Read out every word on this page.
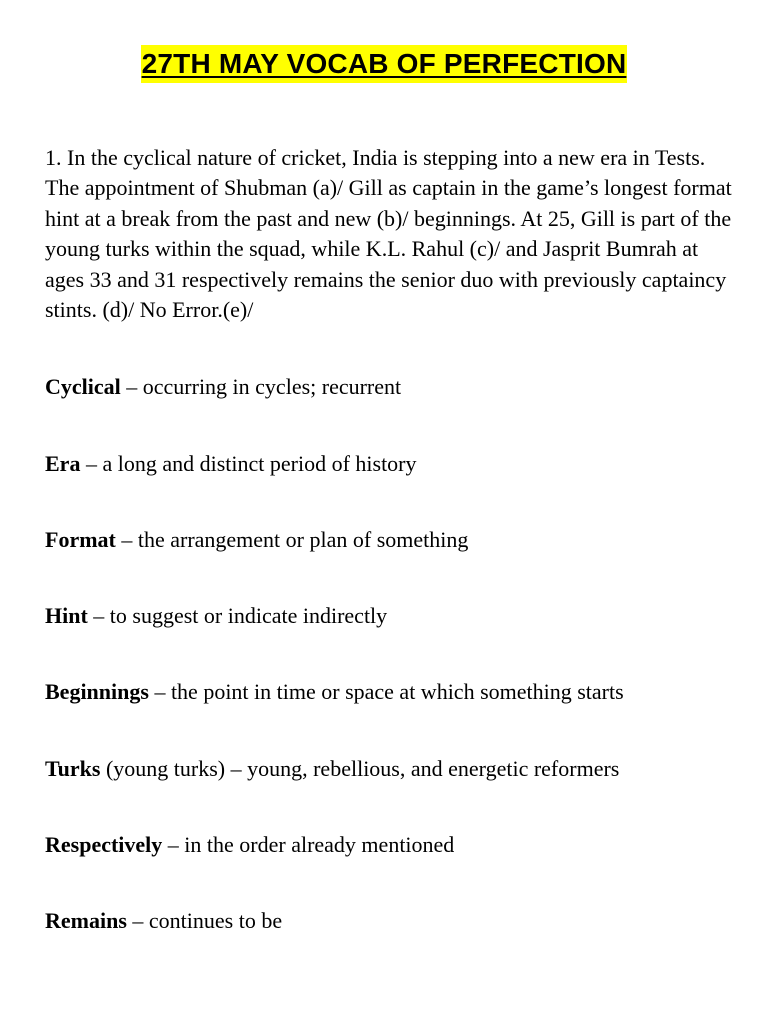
27TH MAY VOCAB OF PERFECTION

1. In the cyclical nature of cricket, India is stepping into a new era in Tests. The appointment of Shubman (a)/ Gill as captain in the game’s longest format hint at a break from the past and new (b)/ beginnings. At 25, Gill is part of the young turks within the squad, while K.L. Rahul (c)/ and Jasprit Bumrah at ages 33 and 31 respectively remains the senior duo with previously captaincy stints. (d)/ No Error.(e)/

Cyclical – occurring in cycles; recurrent

Era – a long and distinct period of history

Format – the arrangement or plan of something

Hint – to suggest or indicate indirectly

Beginnings – the point in time or space at which something starts

Turks (young turks) – young, rebellious, and energetic reformers

Respectively – in the order already mentioned

Remains – continues to be
